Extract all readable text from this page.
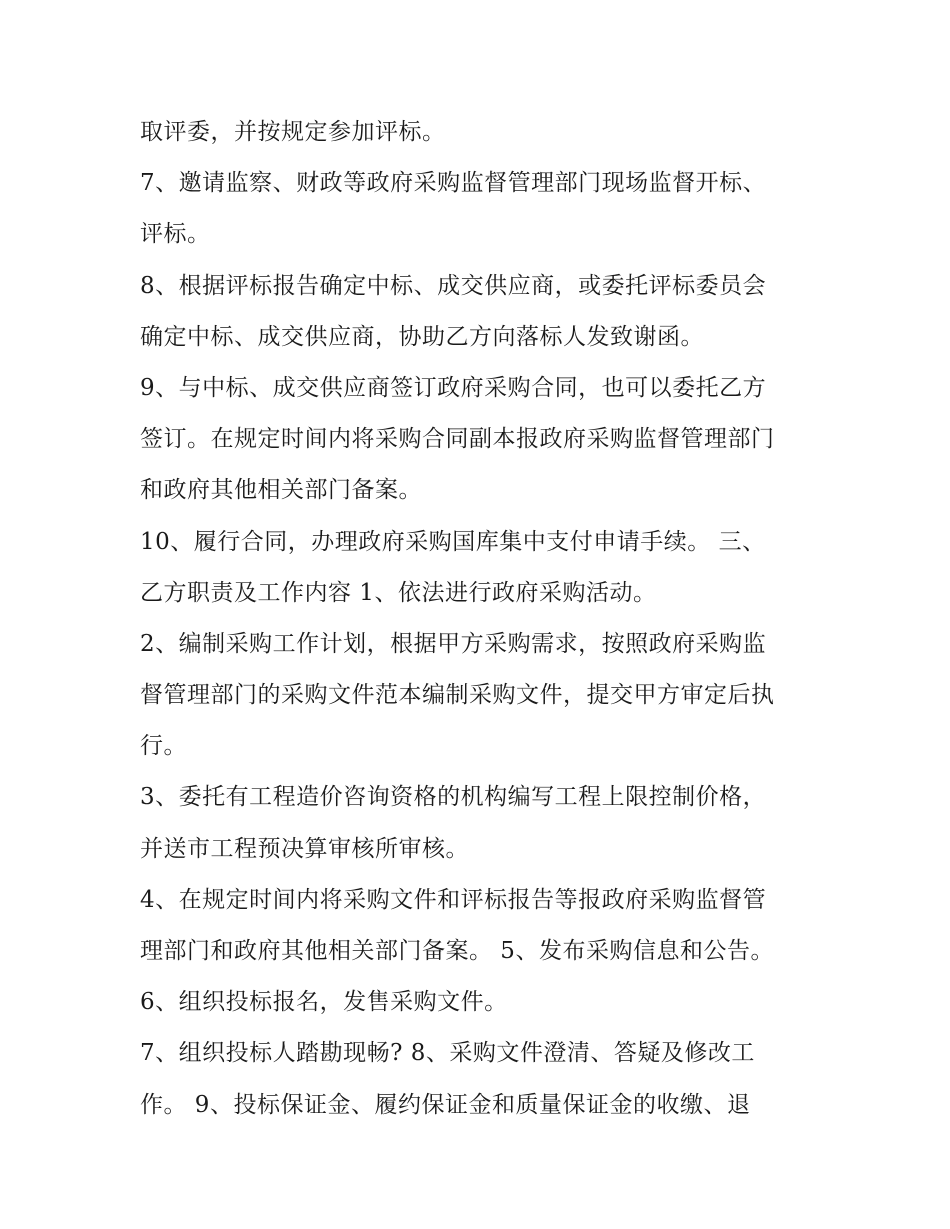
取评委，并按规定参加评标。
7、邀请监察、财政等政府采购监督管理部门现场监督开标、
评标。
8、根据评标报告确定中标、成交供应商，或委托评标委员会
确定中标、成交供应商，协助乙方向落标人发致谢函。
9、与中标、成交供应商签订政府采购合同，也可以委托乙方
签订。在规定时间内将采购合同副本报政府采购监督管理部门
和政府其他相关部门备案。
10、履行合同，办理政府采购国库集中支付申请手续。 三、
乙方职责及工作内容 1、依法进行政府采购活动。
2、编制采购工作计划，根据甲方采购需求，按照政府采购监
督管理部门的采购文件范本编制采购文件，提交甲方审定后执
行。
3、委托有工程造价咨询资格的机构编写工程上限控制价格，
并送市工程预决算审核所审核。
4、在规定时间内将采购文件和评标报告等报政府采购监督管
理部门和政府其他相关部门备案。 5、发布采购信息和公告。
6、组织投标报名，发售采购文件。
7、组织投标人踏勘现畅? 8、采购文件澄清、答疑及修改工
作。 9、投标保证金、履约保证金和质量保证金的收缴、退
